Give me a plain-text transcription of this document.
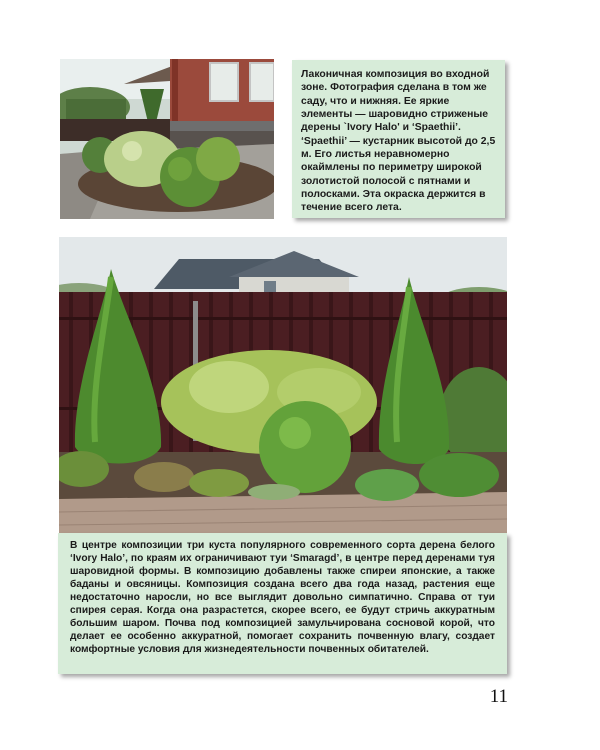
Лаконичная композиция во входной зоне. Фотография сделана в том же саду, что и нижняя. Ее яркие элементы — шаровидно стриженые дерены `Ivory Halo' и ‘Spaethii’. ‘Spaethii’ — кустарник высотой до 2,5 м. Его листья неравномерно окаймлены по периметру широкой золотистой полосой с пятнами и полосками. Эта окраска держится в течение всего лета.

В центре композиции три куста популярного современного сорта дерена белого ‘Ivory Halo’, по краям их ограничивают туи ‘Smaragd’, в центре перед деренами туя шаровидной формы. В композицию добавлены также спиреи японские, а также баданы и овсяницы. Композиция создана всего два года назад, растения еще недостаточно наросли, но все выглядит довольно симпатично. Справа от туи спирея серая. Когда она разрастется, скорее всего, ее будут стричь аккуратным большим шаром. Почва под композицией замульчирована сосновой корой, что делает ее особенно аккуратной, помогает сохранить почвенную влагу, создает комфортные условия для жизнедеятельности почвенных обитателей.

11
